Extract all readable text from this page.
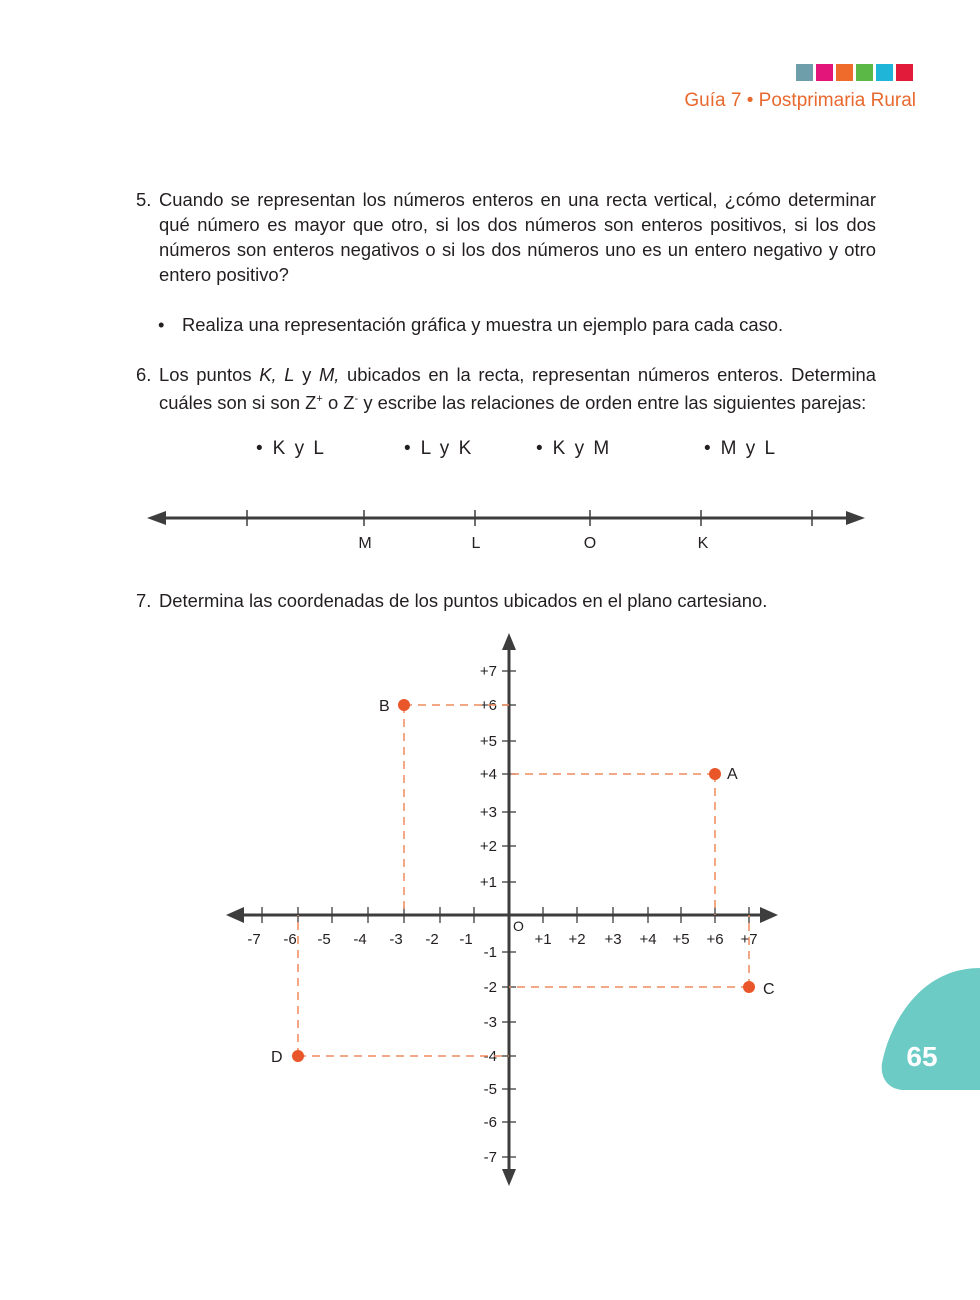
Guía 7 • Postprimaria Rural
5. Cuando se representan los números enteros en una recta vertical, ¿cómo determinar qué número es mayor que otro, si los dos números son enteros positivos, si los dos números son enteros negativos o si los dos números uno es un entero negativo y otro entero positivo?
• Realiza una representación gráfica y muestra un ejemplo para cada caso.
6. Los puntos K, L y M, ubicados en la recta, representan números enteros. Determina cuáles son si son Z+ o Z- y escribe las relaciones de orden entre las siguientes parejas:
• K y L	• L y K	• K y M	• M y L
M	L	O	K
7. Determina las coordenadas de los puntos ubicados en el plano cartesiano.
-7 -6 -5 -4 -3 -2 -1	+1 +2 +3 +4 +5 +6 +7
+7
+6
+5
+4
+3
+2
+1
-1
-2
-3
-4
-5
-6
-7
O
A
B
C
D	65
